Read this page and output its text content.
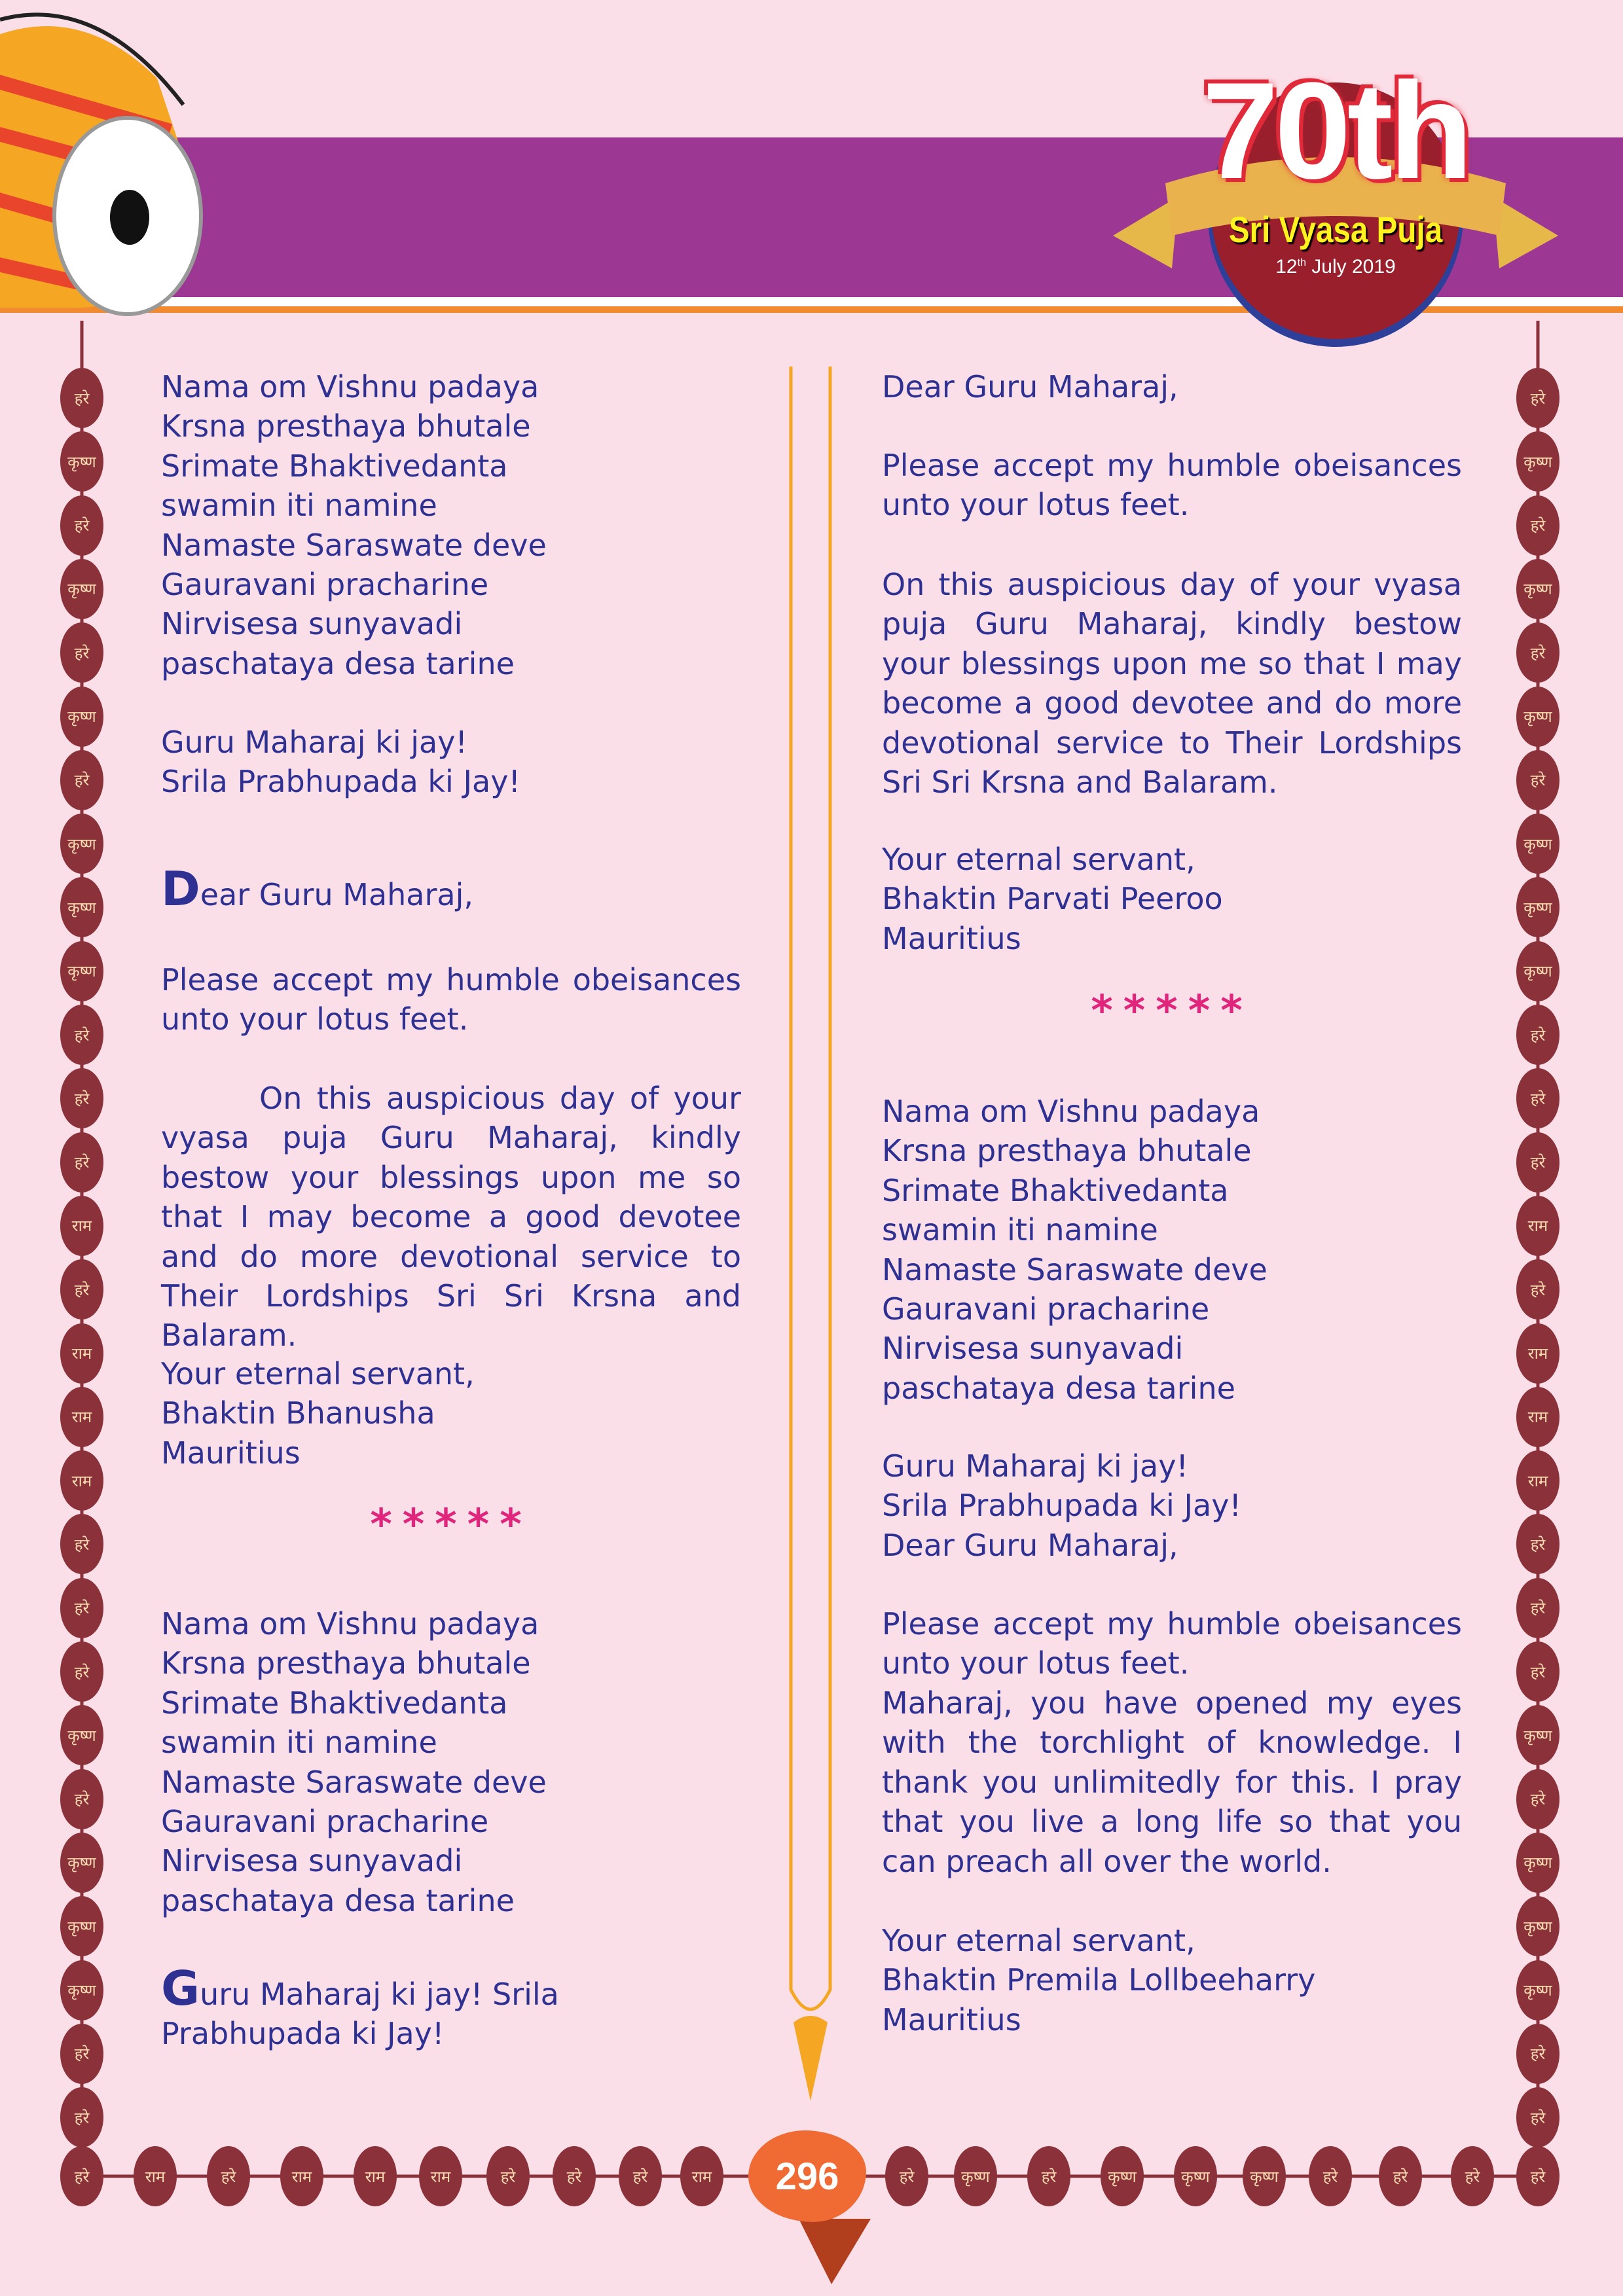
70th
Sri Vyasa Puja
12th July 2019
हरे	हरे
कृष्ण	कृष्ण
हरे	हरे
कृष्ण	कृष्ण
हरे	हरे
कृष्ण	कृष्ण
हरे	हरे
कृष्ण	कृष्ण
कृष्ण	कृष्ण
कृष्ण	कृष्ण
हरे	हरे
हरे	हरे
हरे	हरे
राम	राम
हरे	हरे
राम	राम
राम	राम
राम	राम
हरे	हरे
हरे	हरे
हरे	हरे
कृष्ण	कृष्ण
हरे	हरे
कृष्ण	कृष्ण
कृष्ण	कृष्ण
कृष्ण	कृष्ण
हरे	हरे
हरे	हरे
हरे	राम	हरे	राम	राम	राम	हरे	हरे	हरे	राम	हरे	कृष्ण	हरे	कृष्ण	कृष्ण	कृष्ण	हरे	हरे	हरे	हरे
296
Nama om Vishnu padaya
Krsna presthaya bhutale
Srimate Bhaktivedanta
swamin iti namine
Namaste Saraswate deve
Gauravani pracharine
Nirvisesa sunyavadi
paschataya desa tarine
Guru Maharaj ki jay!
Srila Prabhupada ki Jay!
Dear Guru Maharaj,
Please accept my humble obeisances unto your lotus feet.
On this auspicious day of your vyasa puja Guru Maharaj, kindly bestow your blessings upon me so that I may become a good devotee and do more devotional service to Their Lordships Sri Sri Krsna and Balaram.
Your eternal servant,
Bhaktin Bhanusha
Mauritius
*****
Nama om Vishnu padaya
Krsna presthaya bhutale
Srimate Bhaktivedanta
swamin iti namine
Namaste Saraswate deve
Gauravani pracharine
Nirvisesa sunyavadi
paschataya desa tarine
Guru Maharaj ki jay! Srila Prabhupada ki Jay!
Dear Guru Maharaj,
Please accept my humble obeisances unto your lotus feet.
On this auspicious day of your vyasa puja Guru Maharaj, kindly bestow your blessings upon me so that I may become a good devotee and do more devotional service to Their Lordships Sri Sri Krsna and Balaram.
Your eternal servant,
Bhaktin Parvati Peeroo
Mauritius
*****
Nama om Vishnu padaya
Krsna presthaya bhutale
Srimate Bhaktivedanta
swamin iti namine
Namaste Saraswate deve
Gauravani pracharine
Nirvisesa sunyavadi
paschataya desa tarine
Guru Maharaj ki jay!
Srila Prabhupada ki Jay!
Dear Guru Maharaj,
Please accept my humble obeisances unto your lotus feet.
Maharaj, you have opened my eyes with the torchlight of knowledge. I thank you unlimitedly for this. I pray that you live a long life so that you can preach all over the world.
Your eternal servant,
Bhaktin Premila Lollbeeharry
Mauritius
